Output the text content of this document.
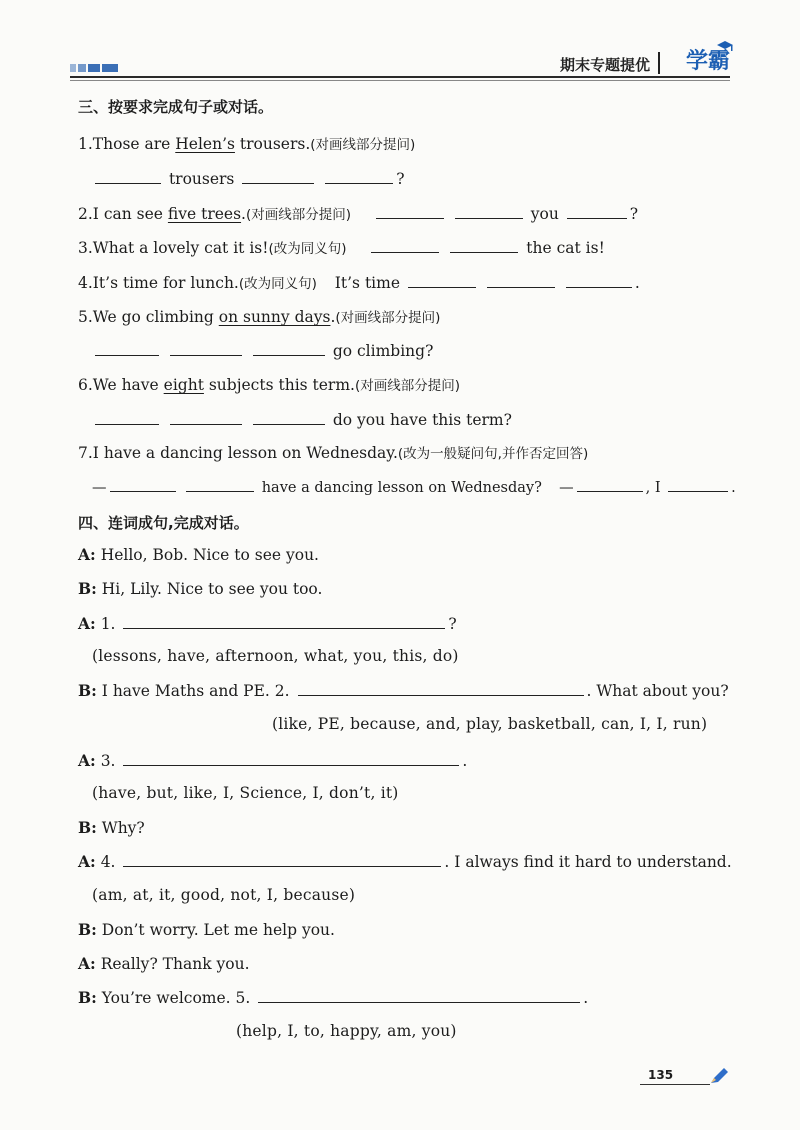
期末专题提优 学霸
三、按要求完成句子或对话。
1.Those are Helen’s trousers.(对画线部分提问)
trousers	?
2.I can see five trees.(对画线部分提问)	you	?
3.What a lovely cat it is!(改为同义句)	the cat is!
4.It’s time for lunch.(改为同义句) It’s time	.
5.We go climbing on sunny days.(对画线部分提问)
go climbing?
6.We have eight subjects this term.(对画线部分提问)
do you have this term?
7.I have a dancing lesson on Wednesday.(改为一般疑问句,并作否定回答)
—	have a dancing lesson on Wednesday? —	, I	.
四、连词成句,完成对话。
A: Hello, Bob. Nice to see you.
B: Hi, Lily. Nice to see you too.
A: 1.	?
(lessons, have, afternoon, what, you, this, do)
B: I have Maths and PE. 2.	. What about you?
(like, PE, because, and, play, basketball, can, I, I, run)
A: 3.	.
(have, but, like, I, Science, I, don’t, it)
B: Why?
A: 4.	. I always find it hard to understand.
(am, at, it, good, not, I, because)
B: Don’t worry. Let me help you.
A: Really? Thank you.
B: You’re welcome. 5.	.
(help, I, to, happy, am, you)
135
